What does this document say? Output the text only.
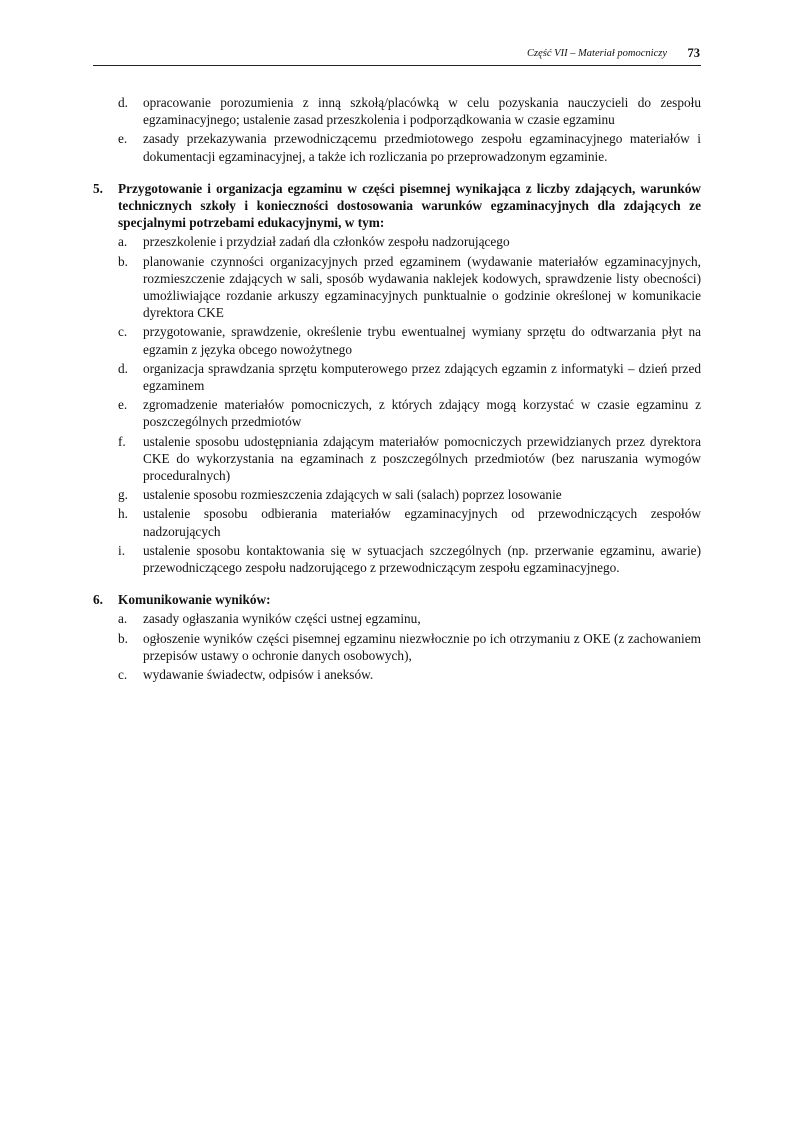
Część VII – Materiał pomocniczy 73
d. opracowanie porozumienia z inną szkołą/placówką w celu pozyskania nauczycieli do zespołu egzaminacyjnego; ustalenie zasad przeszkolenia i podporządkowania w czasie egzaminu
e. zasady przekazywania przewodniczącemu przedmiotowego zespołu egzaminacyjnego materiałów i dokumentacji egzaminacyjnej, a także ich rozliczania po przeprowadzonym egzaminie.
5. Przygotowanie i organizacja egzaminu w części pisemnej wynikająca z liczby zdających, warunków technicznych szkoły i konieczności dostosowania warunków egzaminacyjnych dla zdających ze specjalnymi potrzebami edukacyjnymi, w tym:
a. przeszkolenie i przydział zadań dla członków zespołu nadzorującego
b. planowanie czynności organizacyjnych przed egzaminem (wydawanie materiałów egzaminacyjnych, rozmieszczenie zdających w sali, sposób wydawania naklejek kodowych, sprawdzenie listy obecności) umożliwiające rozdanie arkuszy egzaminacyjnych punktualnie o godzinie określonej w komunikacie dyrektora CKE
c. przygotowanie, sprawdzenie, określenie trybu ewentualnej wymiany sprzętu do odtwarzania płyt na egzamin z języka obcego nowożytnego
d. organizacja sprawdzania sprzętu komputerowego przez zdających egzamin z informatyki – dzień przed egzaminem
e. zgromadzenie materiałów pomocniczych, z których zdający mogą korzystać w czasie egzaminu z poszczególnych przedmiotów
f. ustalenie sposobu udostępniania zdającym materiałów pomocniczych przewidzianych przez dyrektora CKE do wykorzystania na egzaminach z poszczególnych przedmiotów (bez naruszania wymogów proceduralnych)
g. ustalenie sposobu rozmieszczenia zdających w sali (salach) poprzez losowanie
h. ustalenie sposobu odbierania materiałów egzaminacyjnych od przewodniczących zespołów nadzorujących
i. ustalenie sposobu kontaktowania się w sytuacjach szczególnych (np. przerwanie egzaminu, awarie) przewodniczącego zespołu nadzorującego z przewodniczącym zespołu egzaminacyjnego.
6. Komunikowanie wyników:
a. zasady ogłaszania wyników części ustnej egzaminu,
b. ogłoszenie wyników części pisemnej egzaminu niezwłocznie po ich otrzymaniu z OKE (z zachowaniem przepisów ustawy o ochronie danych osobowych),
c. wydawanie świadectw, odpisów i aneksów.
